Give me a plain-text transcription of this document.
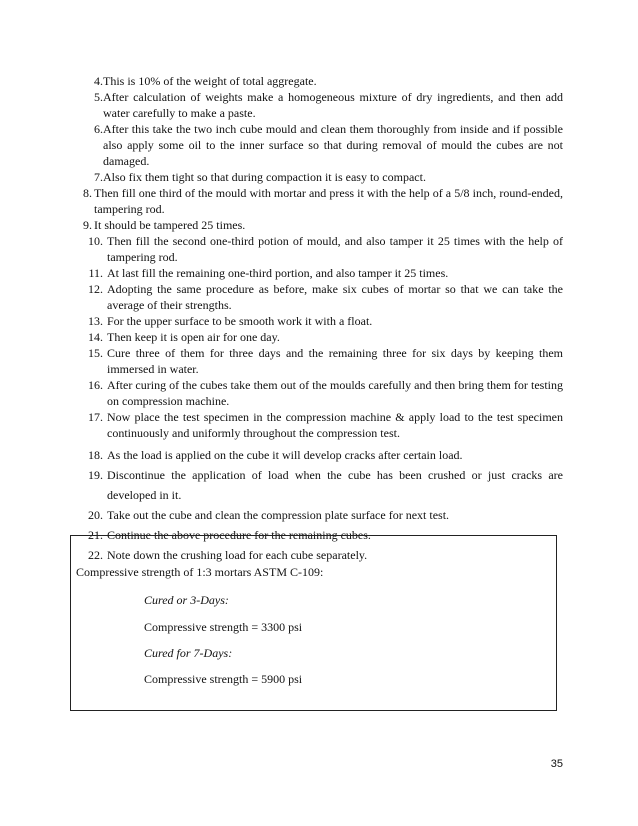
4. This is 10% of the weight of total aggregate.
5. After calculation of weights make a homogeneous mixture of dry ingredients, and then add water carefully to make a paste.
6. After this take the two inch cube mould and clean them thoroughly from inside and if possible also apply some oil to the inner surface so that during removal of mould the cubes are not damaged.
7. Also fix them tight so that during compaction it is easy to compact.
8. Then fill one third of the mould with mortar and press it with the help of a 5/8 inch, round-ended, tampering rod.
9. It should be tampered 25 times.
10. Then fill the second one-third potion of mould, and also tamper it 25 times with the help of tampering rod.
11. At last fill the remaining one-third portion, and also tamper it 25 times.
12. Adopting the same procedure as before, make six cubes of mortar so that we can take the average of their strengths.
13. For the upper surface to be smooth work it with a float.
14. Then keep it is open air for one day.
15. Cure three of them for three days and the remaining three for six days by keeping them immersed in water.
16. After curing of the cubes take them out of the moulds carefully and then bring them for testing on compression machine.
17. Now place the test specimen in the compression machine & apply load to the test specimen continuously and uniformly throughout the compression test.
18. As the load is applied on the cube it will develop cracks after certain load.
19. Discontinue the application of load when the cube has been crushed or just cracks are developed in it.
20. Take out the cube and clean the compression plate surface for next test.
21. Continue the above procedure for the remaining cubes.
22. Note down the crushing load for each cube separately.
Compressive strength of 1:3 mortars ASTM C-109:
Cured or 3-Days:
Compressive strength = 3300 psi
Cured for 7-Days:
Compressive strength = 5900 psi
35
